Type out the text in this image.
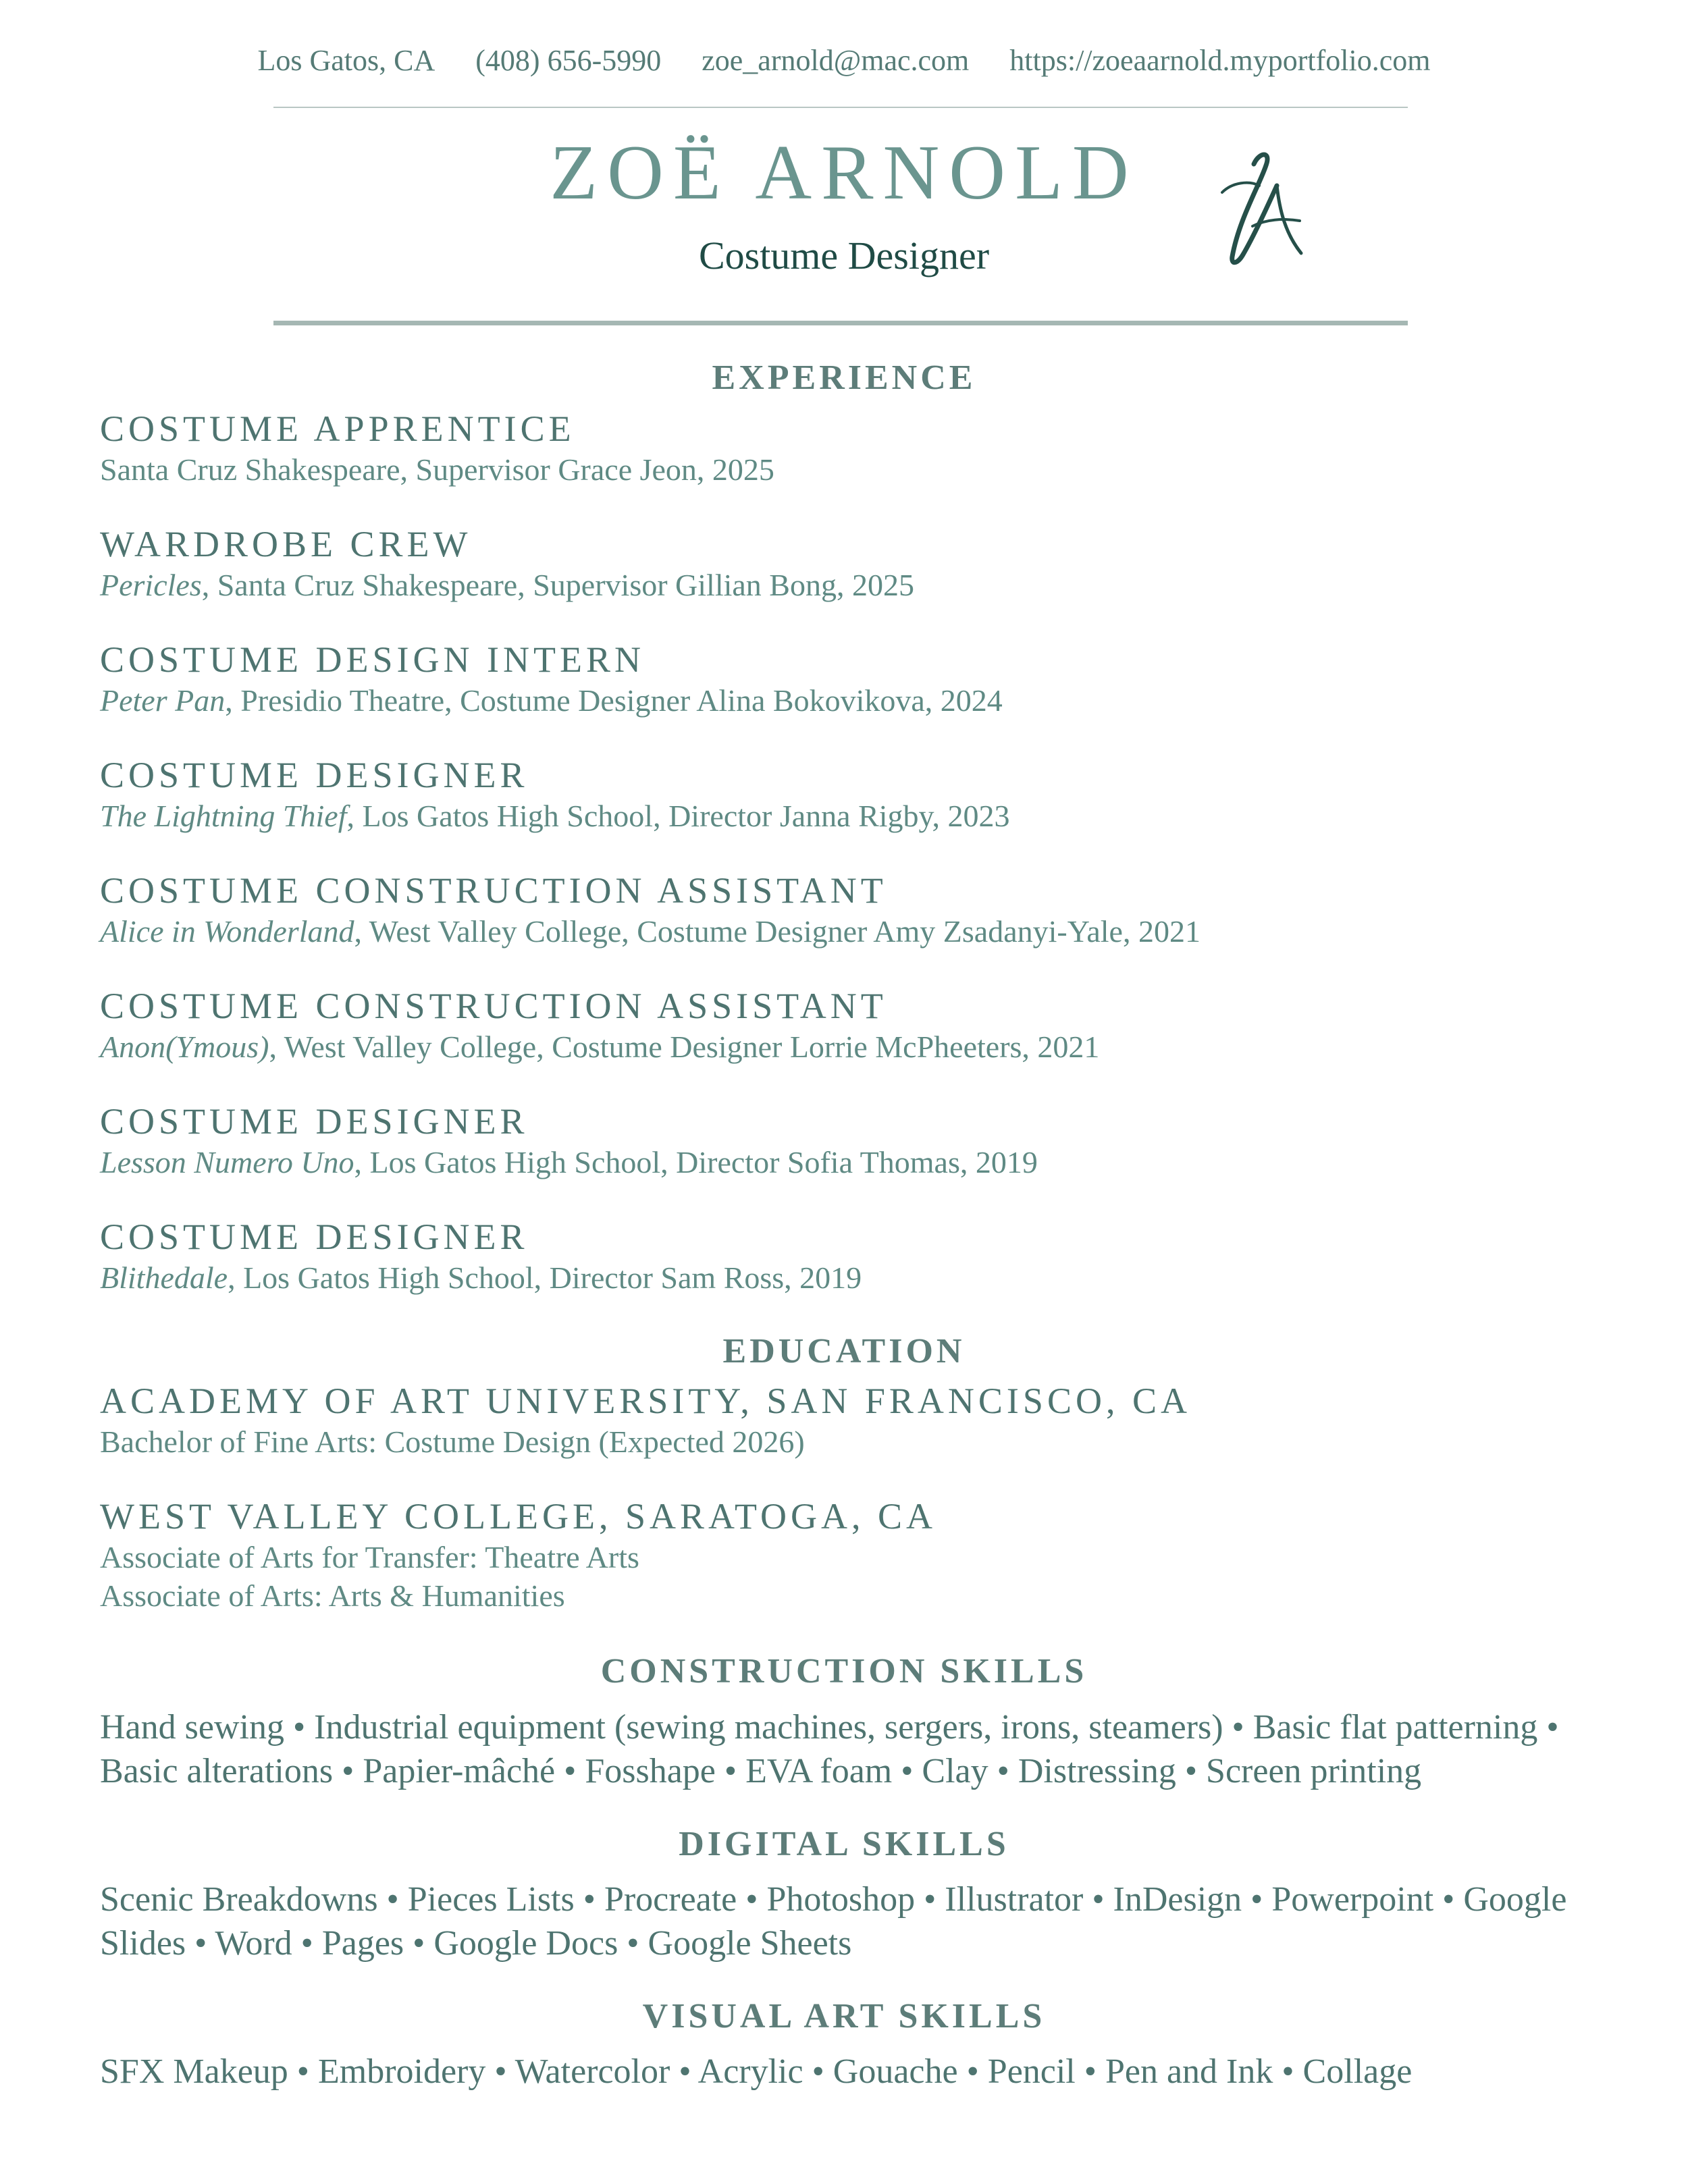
Los Gatos, CA (408) 656-5990 zoe_arnold@mac.com https://zoeaarnold.myportfolio.com
ZOË ARNOLD
Costume Designer
EXPERIENCE
COSTUME APPRENTICE
Santa Cruz Shakespeare, Supervisor Grace Jeon, 2025
WARDROBE CREW
Pericles, Santa Cruz Shakespeare, Supervisor Gillian Bong, 2025
COSTUME DESIGN INTERN
Peter Pan, Presidio Theatre, Costume Designer Alina Bokovikova, 2024
COSTUME DESIGNER
The Lightning Thief, Los Gatos High School, Director Janna Rigby, 2023
COSTUME CONSTRUCTION ASSISTANT
Alice in Wonderland, West Valley College, Costume Designer Amy Zsadanyi-Yale, 2021
COSTUME CONSTRUCTION ASSISTANT
Anon(Ymous), West Valley College, Costume Designer Lorrie McPheeters, 2021
COSTUME DESIGNER
Lesson Numero Uno, Los Gatos High School, Director Sofia Thomas, 2019
COSTUME DESIGNER
Blithedale, Los Gatos High School, Director Sam Ross, 2019
EDUCATION
ACADEMY OF ART UNIVERSITY, SAN FRANCISCO, CA
Bachelor of Fine Arts: Costume Design (Expected 2026)
WEST VALLEY COLLEGE, SARATOGA, CA
Associate of Arts for Transfer: Theatre Arts
Associate of Arts: Arts & Humanities
CONSTRUCTION SKILLS
Hand sewing • Industrial equipment (sewing machines, sergers, irons, steamers) • Basic flat patterning • Basic alterations • Papier-mâché • Fosshape • EVA foam • Clay • Distressing • Screen printing
DIGITAL SKILLS
Scenic Breakdowns • Pieces Lists • Procreate • Photoshop • Illustrator • InDesign • Powerpoint • Google Slides • Word • Pages • Google Docs • Google Sheets
VISUAL ART SKILLS
SFX Makeup • Embroidery • Watercolor • Acrylic • Gouache • Pencil • Pen and Ink • Collage
